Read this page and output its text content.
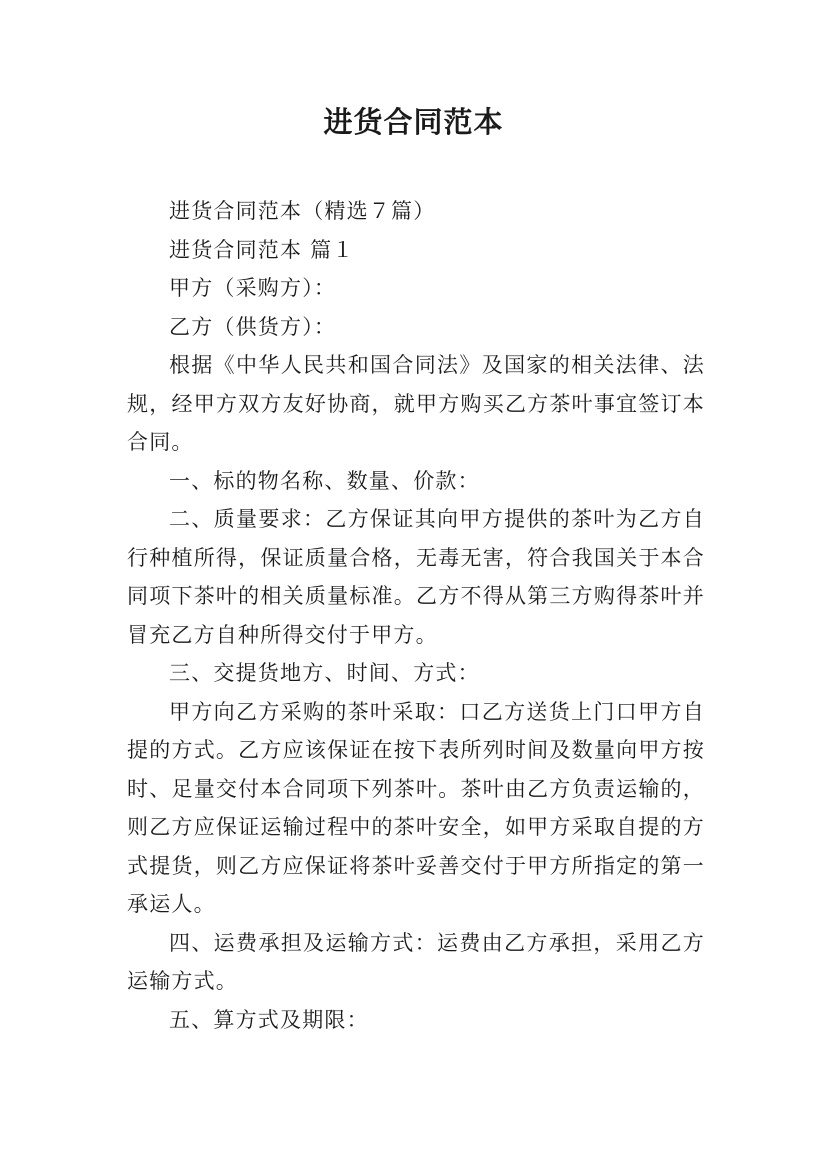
进货合同范本

进货合同范本（精选７篇）

进货合同范本 篇１

甲方（采购方）：

乙方（供货方）：

根据《中华人民共和国合同法》及国家的相关法律、法规，经甲方双方友好协商，就甲方购买乙方茶叶事宜签订本合同。

一、标的物名称、数量、价款：

二、质量要求：乙方保证其向甲方提供的茶叶为乙方自行种植所得，保证质量合格，无毒无害，符合我国关于本合同项下茶叶的相关质量标准。乙方不得从第三方购得茶叶并冒充乙方自种所得交付于甲方。

三、交提货地方、时间、方式：

甲方向乙方采购的茶叶采取：口乙方送货上门口甲方自提的方式。乙方应该保证在按下表所列时间及数量向甲方按时、足量交付本合同项下列茶叶。茶叶由乙方负责运输的，则乙方应保证运输过程中的茶叶安全，如甲方采取自提的方式提货，则乙方应保证将茶叶妥善交付于甲方所指定的第一承运人。

四、运费承担及运输方式：运费由乙方承担，采用乙方运输方式。

五、算方式及期限：
